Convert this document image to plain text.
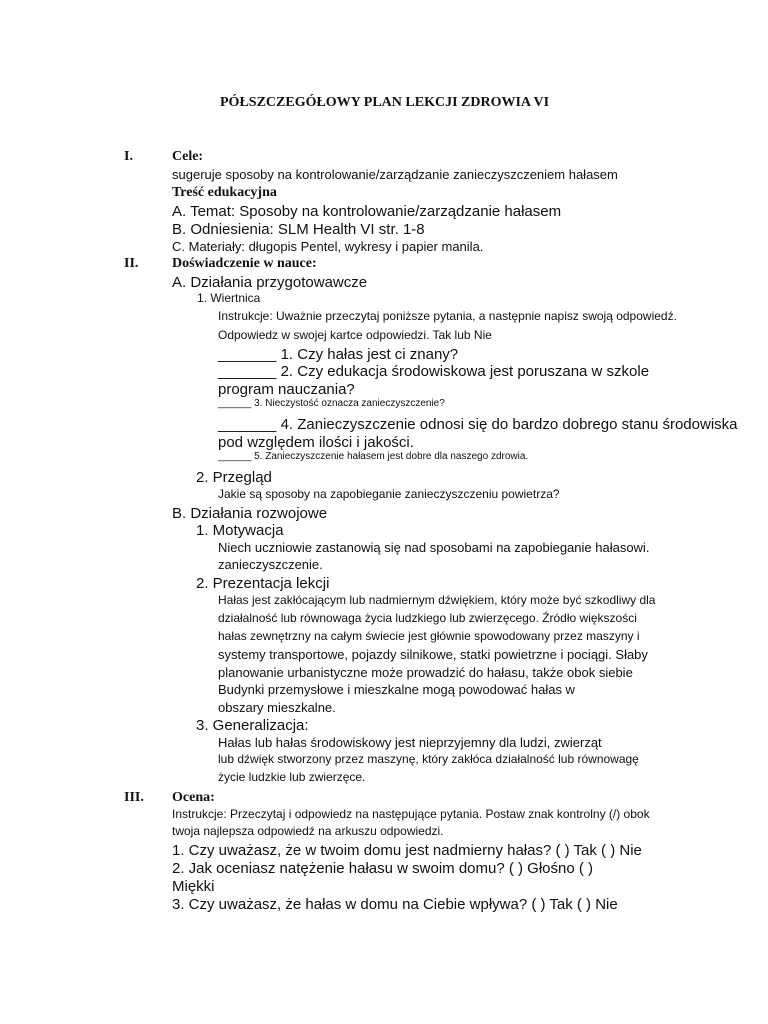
PÓŁSZCZEGÓŁOWY PLAN LEKCJI ZDROWIA VI
I.	Cele:
sugeruje sposoby na kontrolowanie/zarządzanie zanieczyszczeniem hałasem
Treść edukacyjna
A. Temat: Sposoby na kontrolowanie/zarządzanie hałasem
B. Odniesienia: SLM Health VI str. 1-8
C. Materiały: długopis Pentel, wykresy i papier manila.
II. Doświadczenie w nauce:
A. Działania przygotowawcze
1. Wiertnica
Instrukcje: Uważnie przeczytaj poniższe pytania, a następnie napisz swoją odpowiedź.
Odpowiedz w swojej kartce odpowiedzi. Tak lub Nie
_______ 1. Czy hałas jest ci znany?
_______ 2. Czy edukacja środowiskowa jest poruszana w szkole
program nauczania?
______ 3. Nieczystość oznacza zanieczyszczenie?
_______ 4. Zanieczyszczenie odnosi się do bardzo dobrego stanu środowiska
pod względem ilości i jakości.
______ 5. Zanieczyszczenie hałasem jest dobre dla naszego zdrowia.
2. Przegląd
Jakie są sposoby na zapobieganie zanieczyszczeniu powietrza?
B. Działania rozwojowe
1. Motywacja
Niech uczniowie zastanowią się nad sposobami na zapobieganie hałasowi.
zanieczyszczenie.
2. Prezentacja lekcji
Hałas jest zakłócającym lub nadmiernym dźwiękiem, który może być szkodliwy dla
działalność lub równowaga życia ludzkiego lub zwierzęcego. Źródło większości
hałas zewnętrzny na całym świecie jest głównie spowodowany przez maszyny i
systemy transportowe, pojazdy silnikowe, statki powietrzne i pociągi. Słaby
planowanie urbanistyczne może prowadzić do hałasu, także obok siebie
Budynki przemysłowe i mieszkalne mogą powodować hałas w
obszary mieszkalne.
3. Generalizacja:
Hałas lub hałas środowiskowy jest nieprzyjemny dla ludzi, zwierząt
lub dźwięk stworzony przez maszynę, który zakłóca działalność lub równowagę
życie ludzkie lub zwierzęce.
III. Ocena:
Instrukcje: Przeczytaj i odpowiedz na następujące pytania. Postaw znak kontrolny (/) obok
twoja najlepsza odpowiedź na arkuszu odpowiedzi.
1. Czy uważasz, że w twoim domu jest nadmierny hałas? ( ) Tak ( ) Nie
2. Jak oceniasz natężenie hałasu w swoim domu? ( ) Głośno ( )
Miękki
3. Czy uważasz, że hałas w domu na Ciebie wpływa? ( ) Tak ( ) Nie
